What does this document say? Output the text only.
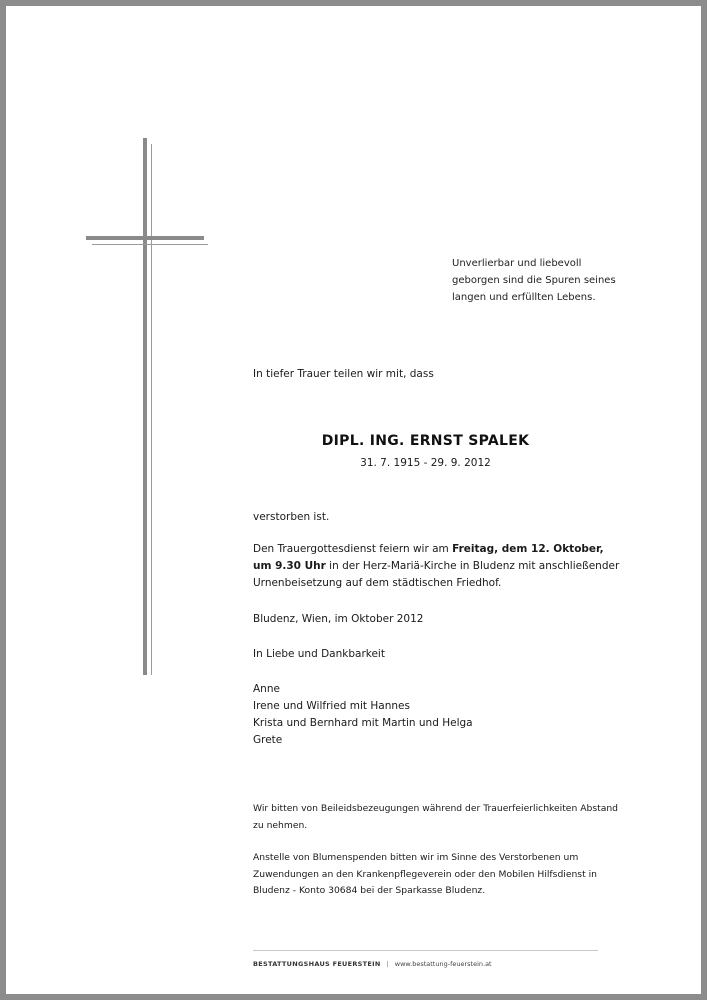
Unverlierbar und liebevoll
geborgen sind die Spuren seines
langen und erfüllten Lebens.
In tiefer Trauer teilen wir mit, dass
DIPL. ING. ERNST SPALEK
31. 7. 1915 - 29. 9. 2012
verstorben ist.
Den Trauergottesdienst feiern wir am Freitag, dem 12. Oktober,
um 9.30 Uhr in der Herz-Mariä-Kirche in Bludenz mit anschließender
Urnenbeisetzung auf dem städtischen Friedhof.
Bludenz, Wien, im Oktober 2012
In Liebe und Dankbarkeit
Anne
Irene und Wilfried mit Hannes
Krista und Bernhard mit Martin und Helga
Grete
Wir bitten von Beileidsbezeugungen während der Trauerfeierlichkeiten Abstand
zu nehmen.
Anstelle von Blumenspenden bitten wir im Sinne des Verstorbenen um
Zuwendungen an den Krankenpflegeverein oder den Mobilen Hilfsdienst in
Bludenz - Konto 30684 bei der Sparkasse Bludenz.
BESTATTUNGSHAUS FEUERSTEIN | www.bestattung-feuerstein.at
